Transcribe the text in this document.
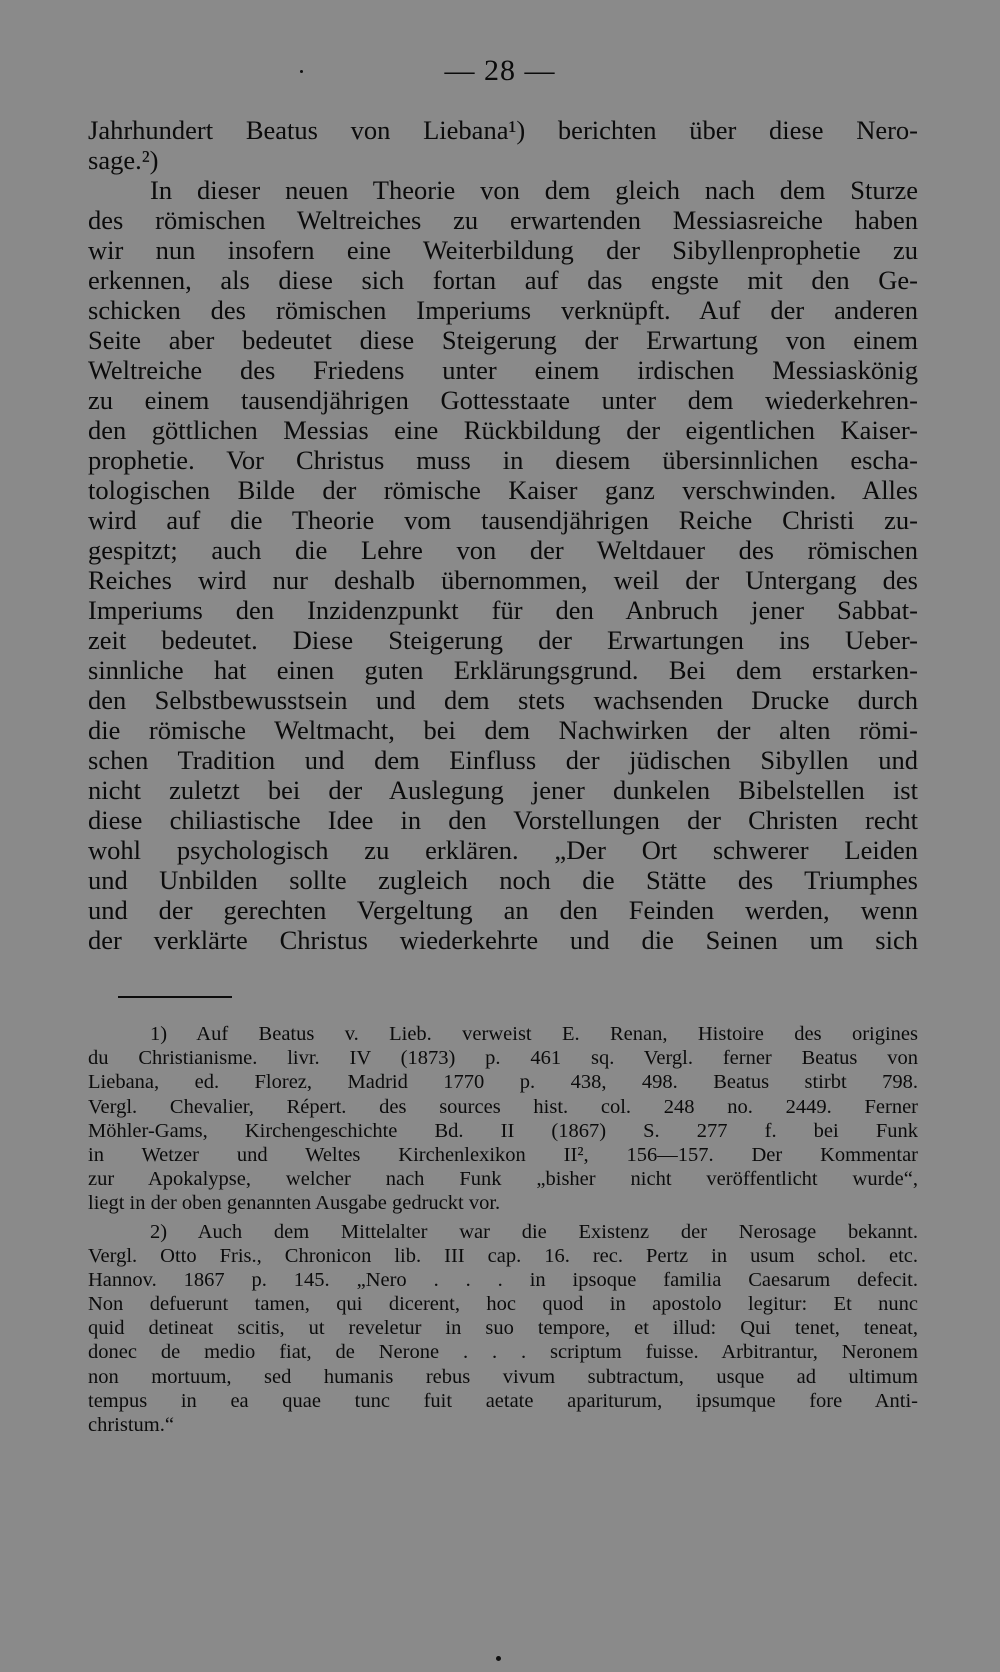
— 28 —
Jahrhundert Beatus von Liebana¹) berichten über diese Nero-
sage.²)
In dieser neuen Theorie von dem gleich nach dem Sturze
des römischen Weltreiches zu erwartenden Messiasreiche haben
wir nun insofern eine Weiterbildung der Sibyllenprophetie zu
erkennen, als diese sich fortan auf das engste mit den Ge-
schicken des römischen Imperiums verknüpft. Auf der anderen
Seite aber bedeutet diese Steigerung der Erwartung von einem
Weltreiche des Friedens unter einem irdischen Messiaskönig
zu einem tausendjährigen Gottesstaate unter dem wiederkehren-
den göttlichen Messias eine Rückbildung der eigentlichen Kaiser-
prophetie. Vor Christus muss in diesem übersinnlichen escha-
tologischen Bilde der römische Kaiser ganz verschwinden. Alles
wird auf die Theorie vom tausendjährigen Reiche Christi zu-
gespitzt; auch die Lehre von der Weltdauer des römischen
Reiches wird nur deshalb übernommen, weil der Untergang des
Imperiums den Inzidenzpunkt für den Anbruch jener Sabbat-
zeit bedeutet. Diese Steigerung der Erwartungen ins Ueber-
sinnliche hat einen guten Erklärungsgrund. Bei dem erstarken-
den Selbstbewusstsein und dem stets wachsenden Drucke durch
die römische Weltmacht, bei dem Nachwirken der alten römi-
schen Tradition und dem Einfluss der jüdischen Sibyllen und
nicht zuletzt bei der Auslegung jener dunkelen Bibelstellen ist
diese chiliastische Idee in den Vorstellungen der Christen recht
wohl psychologisch zu erklären. „Der Ort schwerer Leiden
und Unbilden sollte zugleich noch die Stätte des Triumphes
und der gerechten Vergeltung an den Feinden werden, wenn
der verklärte Christus wiederkehrte und die Seinen um sich
1) Auf Beatus v. Lieb. verweist E. Renan, Histoire des origines
du Christianisme. livr. IV (1873) p. 461 sq. Vergl. ferner Beatus von
Liebana, ed. Florez, Madrid 1770 p. 438, 498. Beatus stirbt 798.
Vergl. Chevalier, Répert. des sources hist. col. 248 no. 2449. Ferner
Möhler-Gams, Kirchengeschichte Bd. II (1867) S. 277 f. bei Funk
in Wetzer und Weltes Kirchenlexikon II², 156—157. Der Kommentar
zur Apokalypse, welcher nach Funk „bisher nicht veröffentlicht wurde“,
liegt in der oben genannten Ausgabe gedruckt vor.
2) Auch dem Mittelalter war die Existenz der Nerosage bekannt.
Vergl. Otto Fris., Chronicon lib. III cap. 16. rec. Pertz in usum schol. etc.
Hannov. 1867 p. 145. „Nero . . . in ipsoque familia Caesarum defecit.
Non defuerunt tamen, qui dicerent, hoc quod in apostolo legitur: Et nunc
quid detineat scitis, ut reveletur in suo tempore, et illud: Qui tenet, teneat,
donec de medio fiat, de Nerone . . . scriptum fuisse. Arbitrantur, Neronem
non mortuum, sed humanis rebus vivum subtractum, usque ad ultimum
tempus in ea quae tunc fuit aetate apariturum, ipsumque fore Anti-
christum.“
